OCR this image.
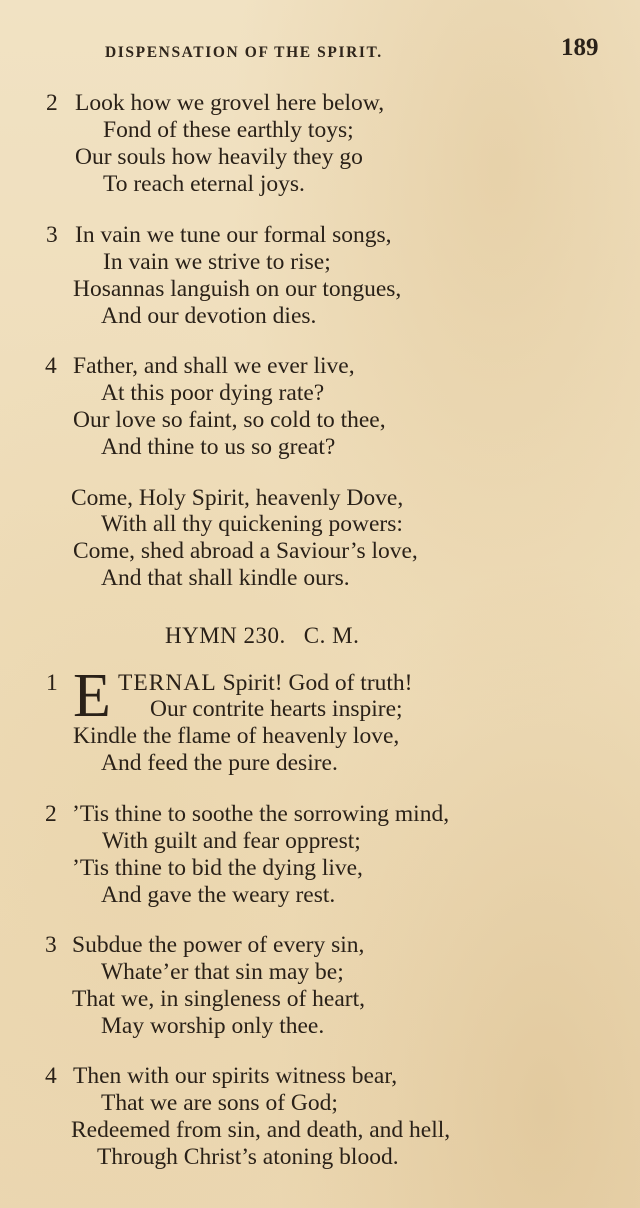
DISPENSATION OF THE SPIRIT.	189
2 Look how we grovel here below,
Fond of these earthly toys;
Our souls how heavily they go
To reach eternal joys.
3 In vain we tune our formal songs,
In vain we strive to rise;
Hosannas languish on our tongues,
And our devotion dies.
4 Father, and shall we ever live,
At this poor dying rate?
Our love so faint, so cold to thee,
And thine to us so great?
Come, Holy Spirit, heavenly Dove,
With all thy quickening powers:
Come, shed abroad a Saviour’s love,
And that shall kindle ours.
HYMN 230. C. M.
1 E TERNAL Spirit! God of truth!
Our contrite hearts inspire;
Kindle the flame of heavenly love,
And feed the pure desire.
2 ’Tis thine to soothe the sorrowing mind,
With guilt and fear opprest;
’Tis thine to bid the dying live,
And gave the weary rest.
3 Subdue the power of every sin,
Whate’er that sin may be;
That we, in singleness of heart,
May worship only thee.
4 Then with our spirits witness bear,
That we are sons of God;
Redeemed from sin, and death, and hell,
Through Christ’s atoning blood.
